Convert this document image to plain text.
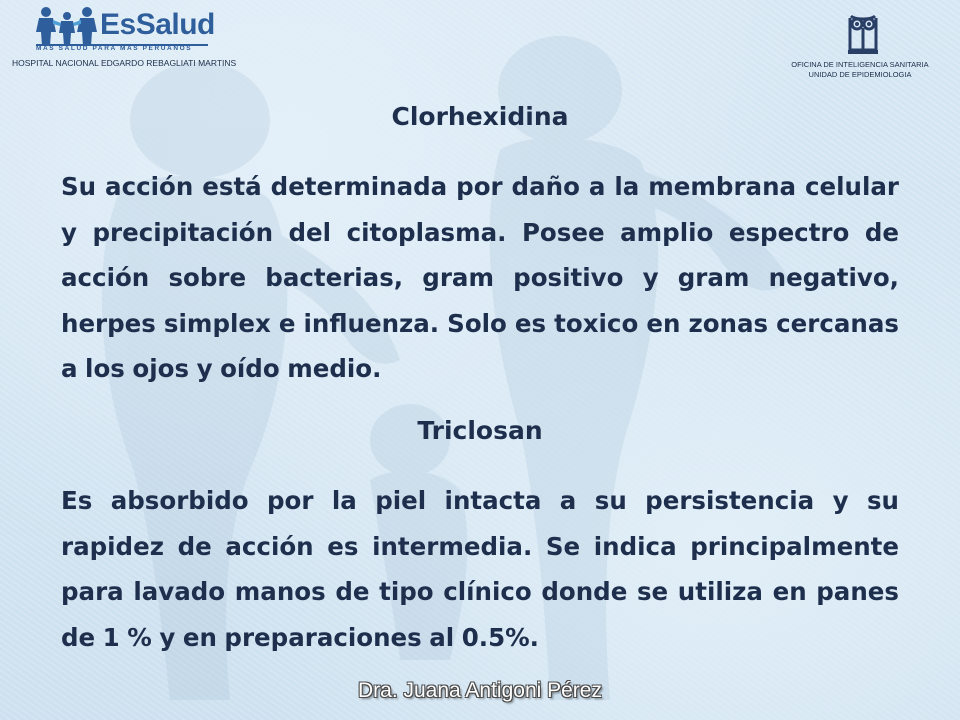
EsSalud
MAS SALUD PARA MAS PERUANOS
HOSPITAL NACIONAL EDGARDO REBAGLIATI MARTINS	OFICINA DE INTELIGENCIA SANITARIA
UNIDAD DE EPIDEMIOLOGIA
Clorhexidina

Su acción está determinada por daño a la membrana celular y precipitación del citoplasma. Posee amplio espectro de acción sobre bacterias, gram positivo y gram negativo, herpes simplex e influenza. Solo es toxico en zonas cercanas a los ojos y oído medio.

Triclosan

Es absorbido por la piel intacta a su persistencia y su rapidez de acción es intermedia. Se indica principalmente para lavado manos de tipo clínico donde se utiliza en panes de 1 % y en preparaciones al 0.5%.

Dra. Juana Antigoni Pérez
